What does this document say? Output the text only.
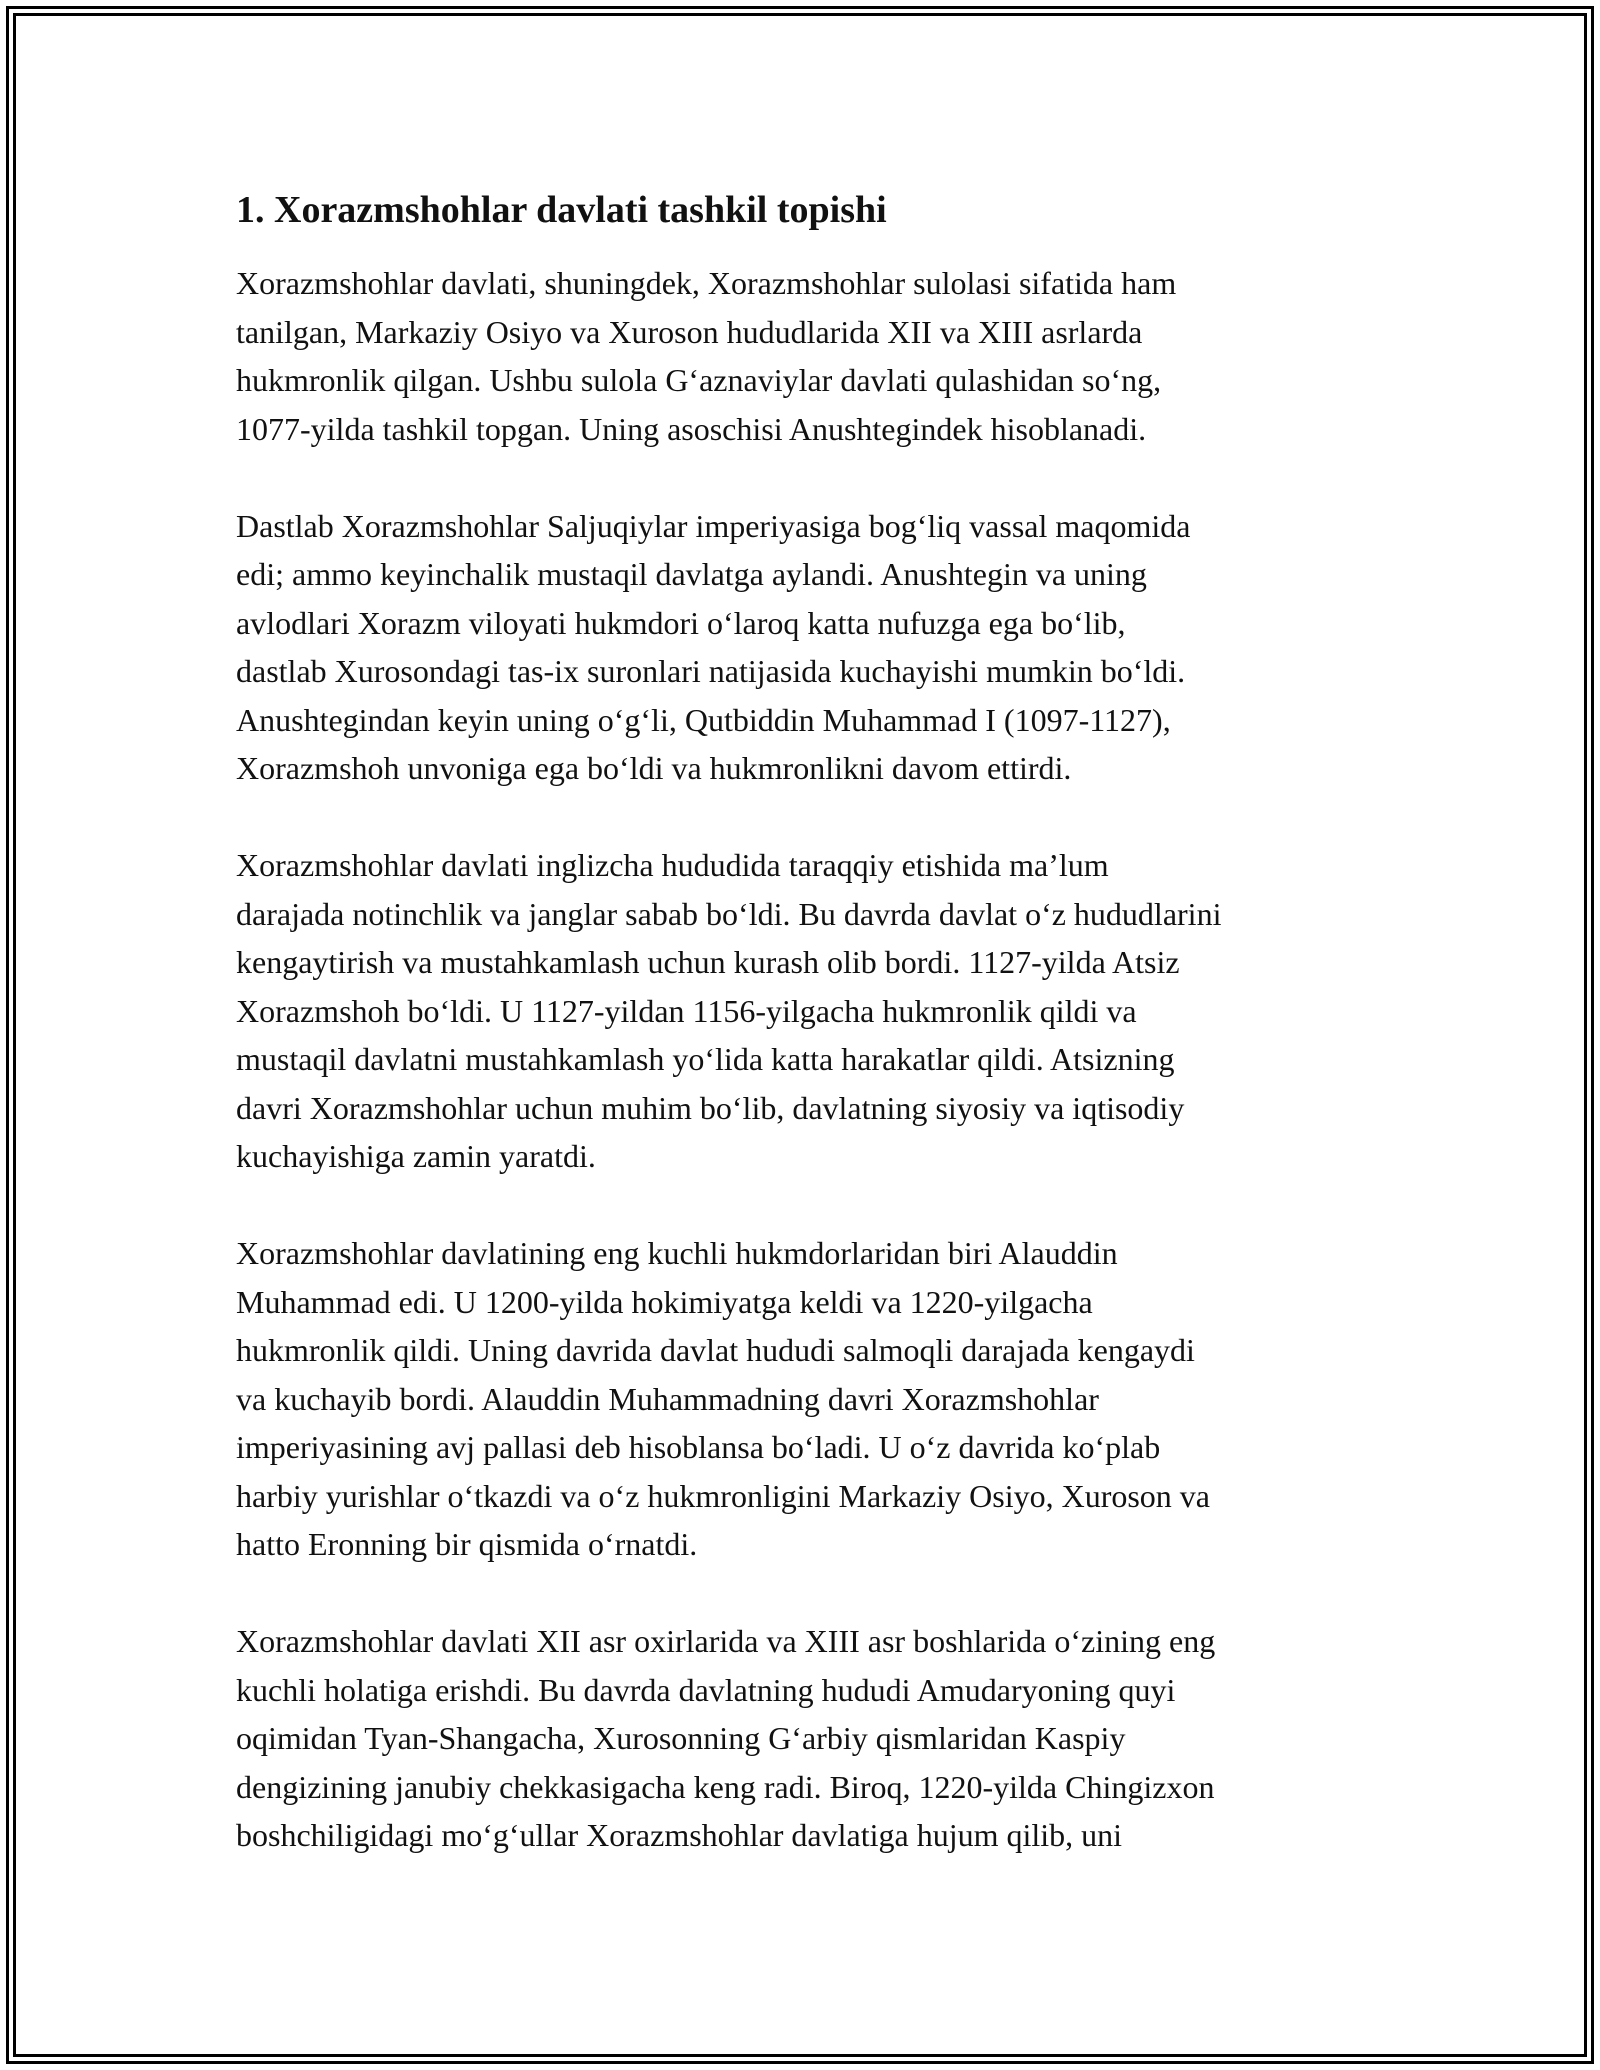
1. Xorazmshohlar davlati tashkil topishi

Xorazmshohlar davlati, shuningdek, Xorazmshohlar sulolasi sifatida ham
tanilgan, Markaziy Osiyo va Xuroson hududlarida XII va XIII asrlarda
hukmronlik qilgan. Ushbu sulola G‘aznaviylar davlati qulashidan so‘ng,
1077-yilda tashkil topgan. Uning asoschisi Anushtegindek hisoblanadi.

Dastlab Xorazmshohlar Saljuqiylar imperiyasiga bog‘liq vassal maqomida
edi; ammo keyinchalik mustaqil davlatga aylandi. Anushtegin va uning
avlodlari Xorazm viloyati hukmdori o‘laroq katta nufuzga ega bo‘lib,
dastlab Xurosondagi tas-ix suronlari natijasida kuchayishi mumkin bo‘ldi.
Anushtegindan keyin uning o‘g‘li, Qutbiddin Muhammad I (1097-1127),
Xorazmshoh unvoniga ega bo‘ldi va hukmronlikni davom ettirdi.

Xorazmshohlar davlati inglizcha hududida taraqqiy etishida ma’lum
darajada notinchlik va janglar sabab bo‘ldi. Bu davrda davlat o‘z hududlarini
kengaytirish va mustahkamlash uchun kurash olib bordi. 1127-yilda Atsiz
Xorazmshoh bo‘ldi. U 1127-yildan 1156-yilgacha hukmronlik qildi va
mustaqil davlatni mustahkamlash yo‘lida katta harakatlar qildi. Atsizning
davri Xorazmshohlar uchun muhim bo‘lib, davlatning siyosiy va iqtisodiy
kuchayishiga zamin yaratdi.

Xorazmshohlar davlatining eng kuchli hukmdorlaridan biri Alauddin
Muhammad edi. U 1200-yilda hokimiyatga keldi va 1220-yilgacha
hukmronlik qildi. Uning davrida davlat hududi salmoqli darajada kengaydi
va kuchayib bordi. Alauddin Muhammadning davri Xorazmshohlar
imperiyasining avj pallasi deb hisoblansa bo‘ladi. U o‘z davrida ko‘plab
harbiy yurishlar o‘tkazdi va o‘z hukmronligini Markaziy Osiyo, Xuroson va
hatto Eronning bir qismida o‘rnatdi.

Xorazmshohlar davlati XII asr oxirlarida va XIII asr boshlarida o‘zining eng
kuchli holatiga erishdi. Bu davrda davlatning hududi Amudaryoning quyi
oqimidan Tyan-Shangacha, Xurosonning G‘arbiy qismlaridan Kaspiy
dengizining janubiy chekkasigacha keng radi. Biroq, 1220-yilda Chingizxon
boshchiligidagi mo‘g‘ullar Xorazmshohlar davlatiga hujum qilib, uni
